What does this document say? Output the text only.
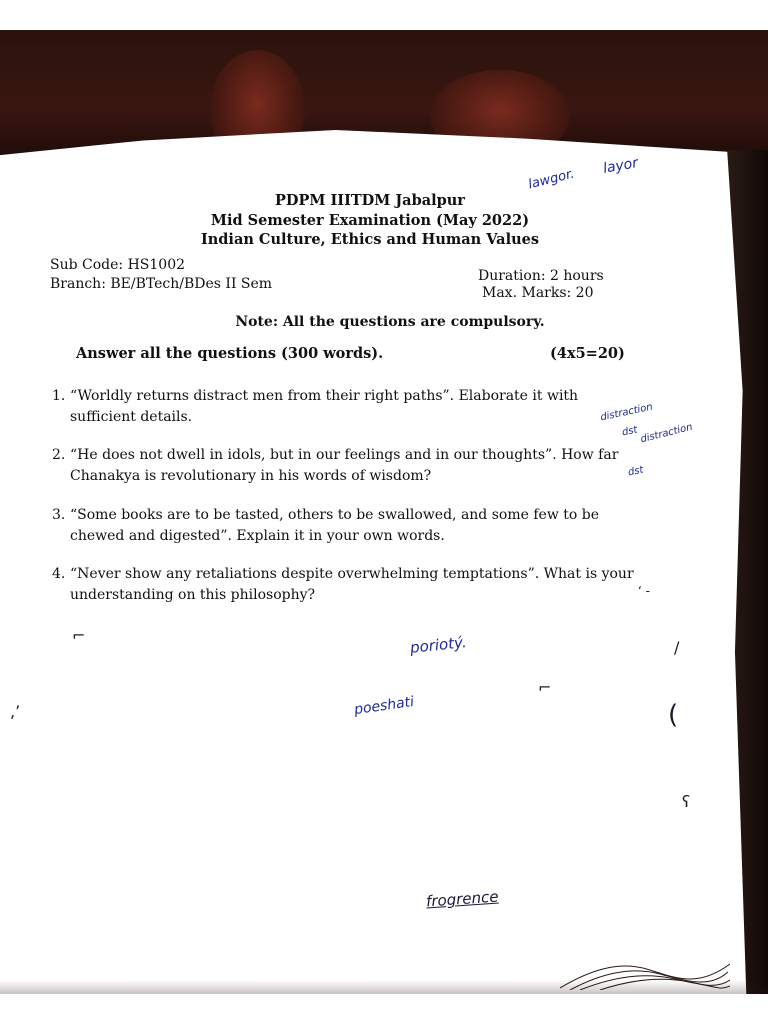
PDPM IIITDM Jabalpur
Mid Semester Examination (May 2022)
Indian Culture, Ethics and Human Values
Sub Code: HS1002
Branch: BE/BTech/BDes II Sem	Duration: 2 hours
Max. Marks: 20
Note: All the questions are compulsory.
Answer all the questions (300 words).	(4x5=20)
1. “Worldly returns distract men from their right paths”. Elaborate it with sufficient details.
2. “He does not dwell in idols, but in our feelings and in our thoughts”. How far Chanakya is revolutionary in his words of wisdom?
3. “Some books are to be tasted, others to be swallowed, and some few to be chewed and digested”. Explain it in your own words.
4. “Never show any retaliations despite overwhelming temptations”. What is your understanding on this philosophy?
lawgor.
layor
distraction
dst distraction
dst
poriotý.
poeshati
frogrence
⌐
,’
⌐
/
(
ʕ
‘ -
